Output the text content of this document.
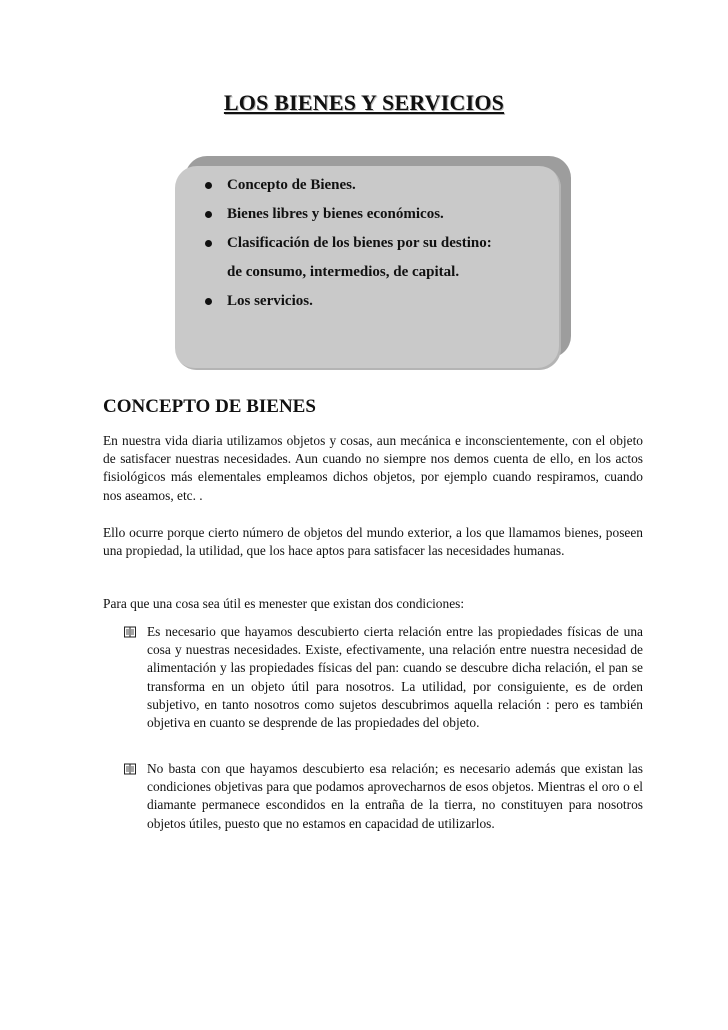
LOS BIENES Y SERVICIOS
Concepto de Bienes.
Bienes libres y bienes económicos.
Clasificación de los bienes por su destino:
de consumo, intermedios, de capital.
Los servicios.
CONCEPTO DE BIENES

En nuestra vida diaria utilizamos objetos y cosas, aun mecánica e inconscientemente, con el objeto de satisfacer nuestras necesidades. Aun cuando no siempre nos demos cuenta de ello, en los actos fisiológicos más elementales empleamos dichos objetos, por ejemplo cuando respiramos, cuando nos aseamos, etc. .

Ello ocurre porque cierto número de objetos del mundo exterior, a los que llamamos bienes, poseen una propiedad, la utilidad, que los hace aptos para satisfacer las necesidades humanas.

Para que una cosa sea útil es menester que existan dos condiciones:

Es necesario que hayamos descubierto cierta relación entre las propiedades físicas de una cosa y nuestras necesidades. Existe, efectivamente, una relación entre nuestra necesidad de alimentación y las propiedades físicas del pan: cuando se descubre dicha relación, el pan se transforma en un objeto útil para nosotros. La utilidad, por consiguiente, es de orden subjetivo, en tanto nosotros como sujetos descubrimos aquella relación : pero es también objetiva en cuanto se desprende de las propiedades del objeto.

No basta con que hayamos descubierto esa relación; es necesario además que existan las condiciones objetivas para que podamos aprovecharnos de esos objetos. Mientras el oro o el diamante permanece escondidos en la entraña de la tierra, no constituyen para nosotros objetos útiles, puesto que no estamos en capacidad de utilizarlos.
